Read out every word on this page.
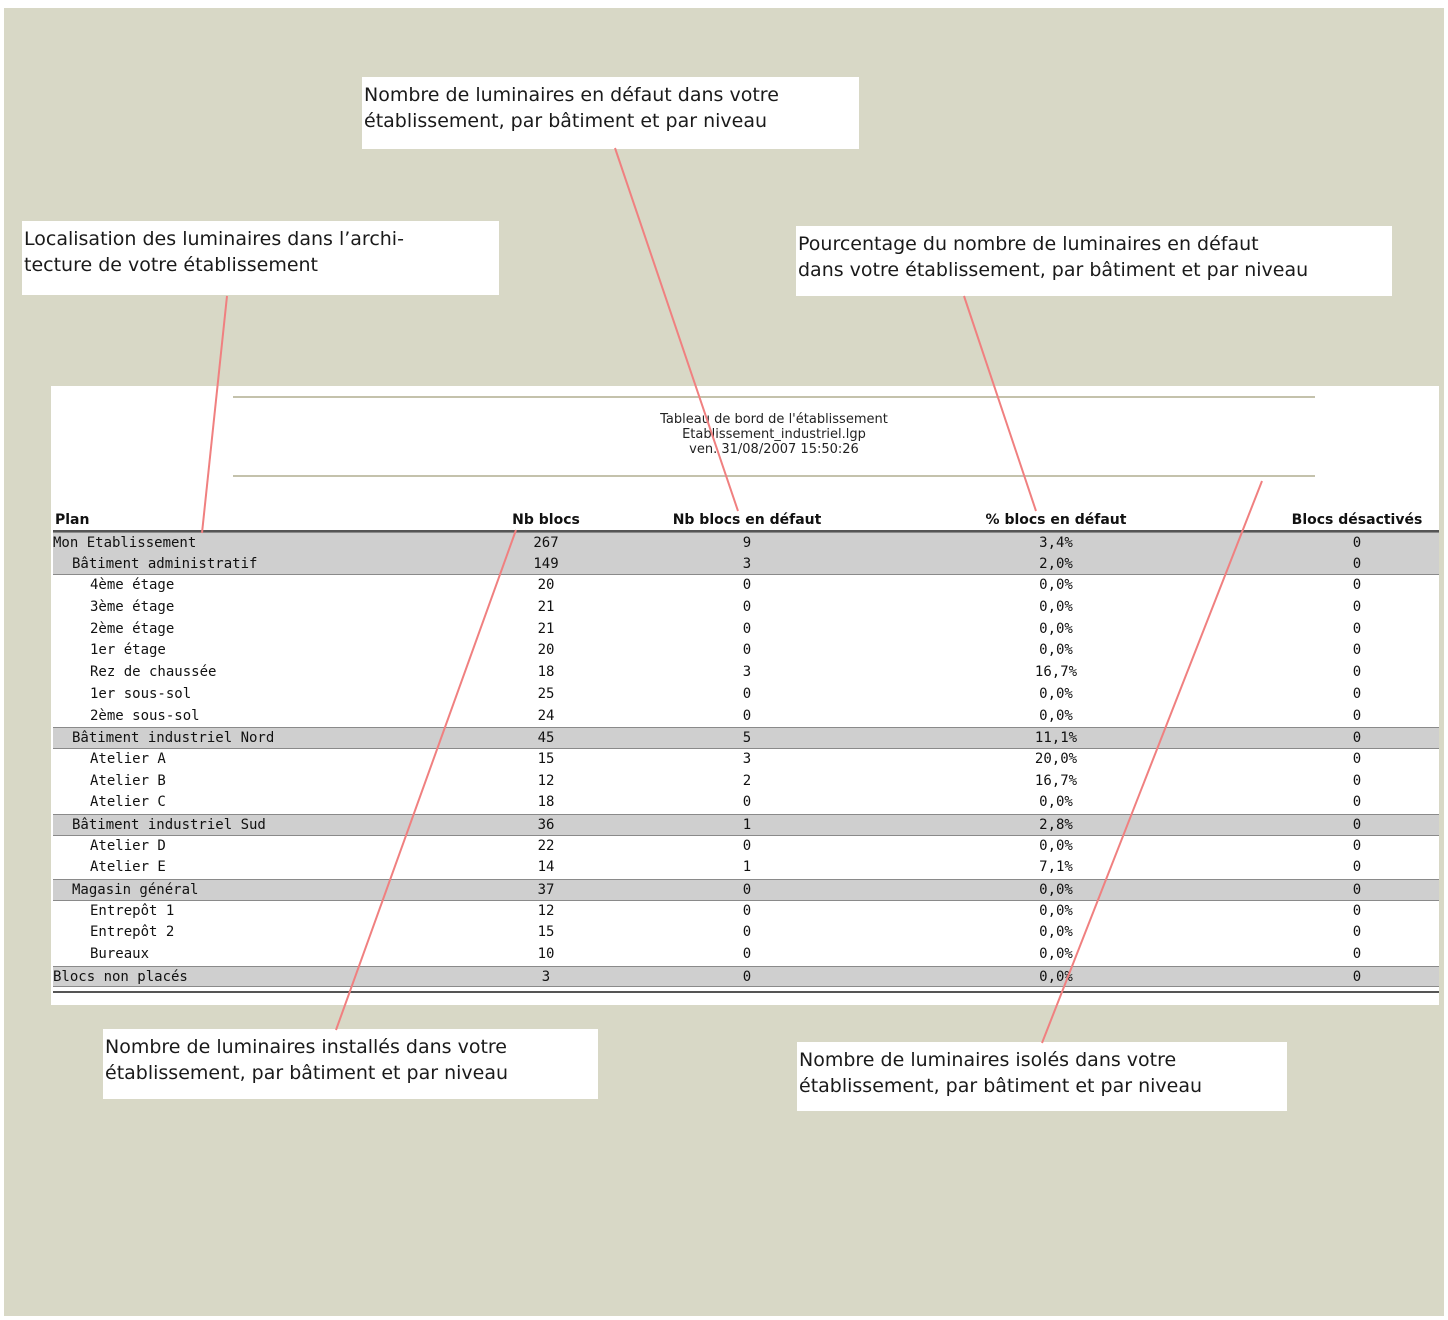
Localisation des luminaires dans l’archi-
tecture de votre établissement
Nombre de luminaires en défaut dans votre
établissement, par bâtiment et par niveau
Pourcentage du nombre de luminaires en défaut
dans votre établissement, par bâtiment et par niveau
Nombre de luminaires installés dans votre
établissement, par bâtiment et par niveau
Nombre de luminaires isolés dans votre
établissement, par bâtiment et par niveau
Tableau de bord de l'établissement
Etablissement_industriel.lgp
ven. 31/08/2007 15:50:26
Plan	Nb blocs	Nb blocs en défaut	% blocs en défaut	Blocs désactivés
Mon Etablissement	267	9	3,4%	0
Bâtiment administratif	149	3	2,0%	0
4ème étage	20	0	0,0%	0
3ème étage	21	0	0,0%	0
2ème étage	21	0	0,0%	0
1er étage	20	0	0,0%	0
Rez de chaussée	18	3	16,7%	0
1er sous-sol	25	0	0,0%	0
2ème sous-sol	24	0	0,0%	0
Bâtiment industriel Nord	45	5	11,1%	0
Atelier A	15	3	20,0%	0
Atelier B	12	2	16,7%	0
Atelier C	18	0	0,0%	0
Bâtiment industriel Sud	36	1	2,8%	0
Atelier D	22	0	0,0%	0
Atelier E	14	1	7,1%	0
Magasin général	37	0	0,0%	0
Entrepôt 1	12	0	0,0%	0
Entrepôt 2	15	0	0,0%	0
Bureaux	10	0	0,0%	0
Blocs non placés	3	0	0,0%	0
